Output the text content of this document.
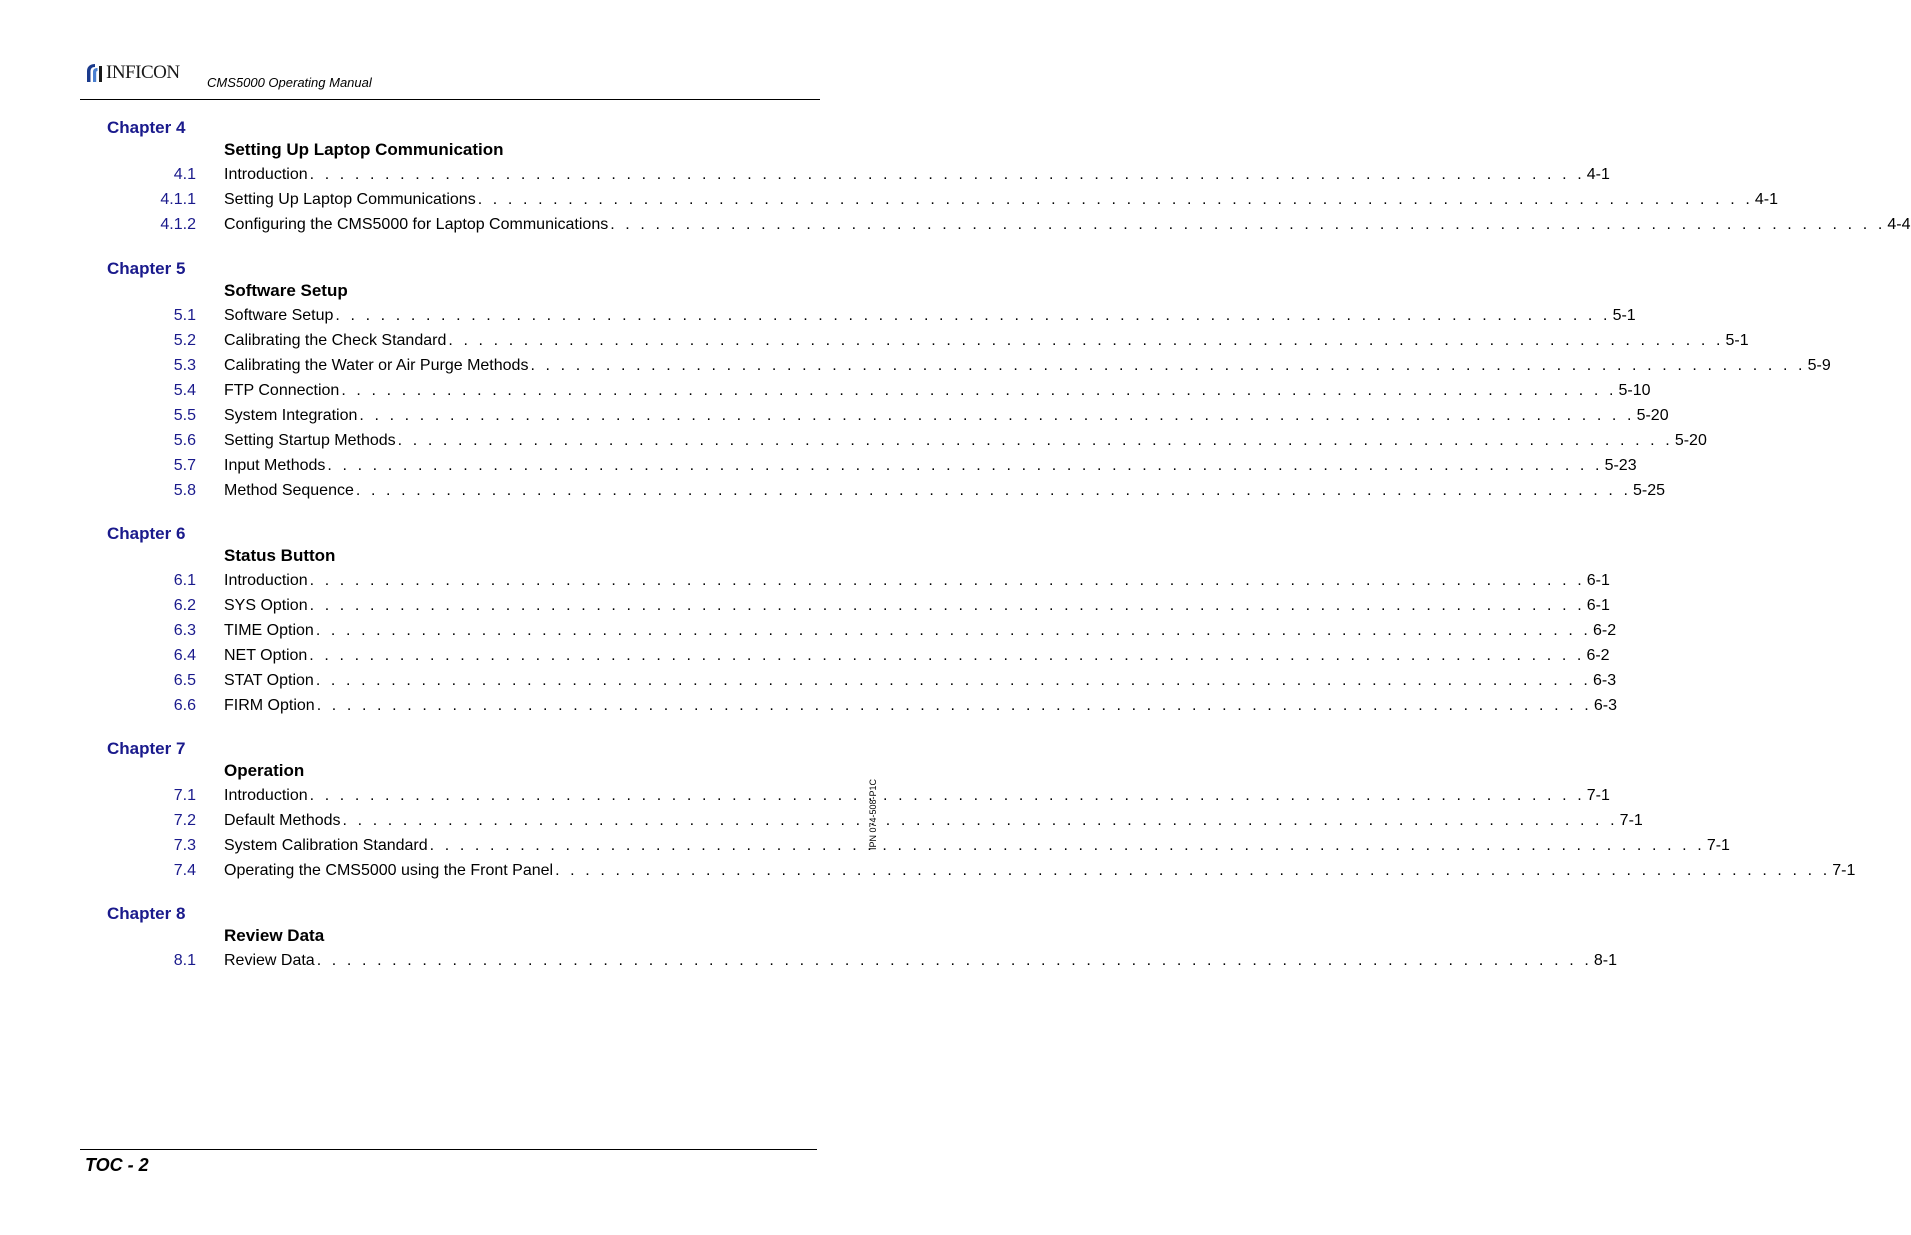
INFICON CMS5000 Operating Manual
Chapter 4
Setting Up Laptop Communication
4.1 Introduction . . . . . . . . . . . . . . . . . . . . . . . . . . . . . . . . . . . . . . . . . . . . . . . . . . . . . . . . . . . . . . . . . . . . . . . . . . . . . . . . . . . . . 4-1
4.1.1 Setting Up Laptop Communications . . . . . . . . . . . . . . . . . . . . . . . . . . . . . . . . . . . . . . . . . . . . . . . . . . . . . . . . . . . . . . . . . . . . . . . . . . . . . . . . . . . . . 4-1
4.1.2 Configuring the CMS5000 for Laptop Communications . . . . . . . . . . . . . . . . . . . . . . . . . . . . . . . . . . . . . . . . . . . . . . . . . . . . . . . . . . . . . . . . . . . . . . . . . . . . . . . . . . . . . 4-4
Chapter 5
Software Setup
5.1 Software Setup . . . . . . . . . . . . . . . . . . . . . . . . . . . . . . . . . . . . . . . . . . . . . . . . . . . . . . . . . . . . . . . . . . . . . . . . . . . . . . . . . . . . . 5-1
5.2 Calibrating the Check Standard . . . . . . . . . . . . . . . . . . . . . . . . . . . . . . . . . . . . . . . . . . . . . . . . . . . . . . . . . . . . . . . . . . . . . . . . . . . . . . . . . . . . . 5-1
5.3 Calibrating the Water or Air Purge Methods . . . . . . . . . . . . . . . . . . . . . . . . . . . . . . . . . . . . . . . . . . . . . . . . . . . . . . . . . . . . . . . . . . . . . . . . . . . . . . . . . . . . . 5-9
5.4 FTP Connection . . . . . . . . . . . . . . . . . . . . . . . . . . . . . . . . . . . . . . . . . . . . . . . . . . . . . . . . . . . . . . . . . . . . . . . . . . . . . . . . . . . . . 5-10
5.5 System Integration . . . . . . . . . . . . . . . . . . . . . . . . . . . . . . . . . . . . . . . . . . . . . . . . . . . . . . . . . . . . . . . . . . . . . . . . . . . . . . . . . . . . . 5-20
5.6 Setting Startup Methods . . . . . . . . . . . . . . . . . . . . . . . . . . . . . . . . . . . . . . . . . . . . . . . . . . . . . . . . . . . . . . . . . . . . . . . . . . . . . . . . . . . . . 5-20
5.7 Input Methods . . . . . . . . . . . . . . . . . . . . . . . . . . . . . . . . . . . . . . . . . . . . . . . . . . . . . . . . . . . . . . . . . . . . . . . . . . . . . . . . . . . . . 5-23
5.8 Method Sequence . . . . . . . . . . . . . . . . . . . . . . . . . . . . . . . . . . . . . . . . . . . . . . . . . . . . . . . . . . . . . . . . . . . . . . . . . . . . . . . . . . . . . 5-25
Chapter 6
Status Button
6.1 Introduction . . . . . . . . . . . . . . . . . . . . . . . . . . . . . . . . . . . . . . . . . . . . . . . . . . . . . . . . . . . . . . . . . . . . . . . . . . . . . . . . . . . . . 6-1
6.2 SYS Option . . . . . . . . . . . . . . . . . . . . . . . . . . . . . . . . . . . . . . . . . . . . . . . . . . . . . . . . . . . . . . . . . . . . . . . . . . . . . . . . . . . . . 6-1
6.3 TIME Option . . . . . . . . . . . . . . . . . . . . . . . . . . . . . . . . . . . . . . . . . . . . . . . . . . . . . . . . . . . . . . . . . . . . . . . . . . . . . . . . . . . . . 6-2
6.4 NET Option . . . . . . . . . . . . . . . . . . . . . . . . . . . . . . . . . . . . . . . . . . . . . . . . . . . . . . . . . . . . . . . . . . . . . . . . . . . . . . . . . . . . . 6-2
6.5 STAT Option . . . . . . . . . . . . . . . . . . . . . . . . . . . . . . . . . . . . . . . . . . . . . . . . . . . . . . . . . . . . . . . . . . . . . . . . . . . . . . . . . . . . . 6-3
6.6 FIRM Option . . . . . . . . . . . . . . . . . . . . . . . . . . . . . . . . . . . . . . . . . . . . . . . . . . . . . . . . . . . . . . . . . . . . . . . . . . . . . . . . . . . . . 6-3
Chapter 7
Operation
7.1 Introduction . . . . . . . . . . . . . . . . . . . . . . . . . . . . . . . . . . . . . . . . . . . . . . . . . . . . . . . . . . . . . . . . . . . . . . . . . . . . . . . . . . . . . 7-1
7.2 Default Methods . . . . . . . . . . . . . . . . . . . . . . . . . . . . . . . . . . . . . . . . . . . . . . . . . . . . . . . . . . . . . . . . . . . . . . . . . . . . . . . . . . . . . 7-1
7.3 System Calibration Standard . . . . . . . . . . . . . . . . . . . . . . . . . . . . . . . . . . . . . . . . . . . . . . . . . . . . . . . . . . . . . . . . . . . . . . . . . . . . . . . . . . . . . 7-1
7.4 Operating the CMS5000 using the Front Panel . . . . . . . . . . . . . . . . . . . . . . . . . . . . . . . . . . . . . . . . . . . . . . . . . . . . . . . . . . . . . . . . . . . . . . . . . . . . . . . . . . . . . 7-1
Chapter 8
Review Data
8.1 Review Data . . . . . . . . . . . . . . . . . . . . . . . . . . . . . . . . . . . . . . . . . . . . . . . . . . . . . . . . . . . . . . . . . . . . . . . . . . . . . . . . . . . . . 8-1
IPN 074-508-P1C
TOC - 2
